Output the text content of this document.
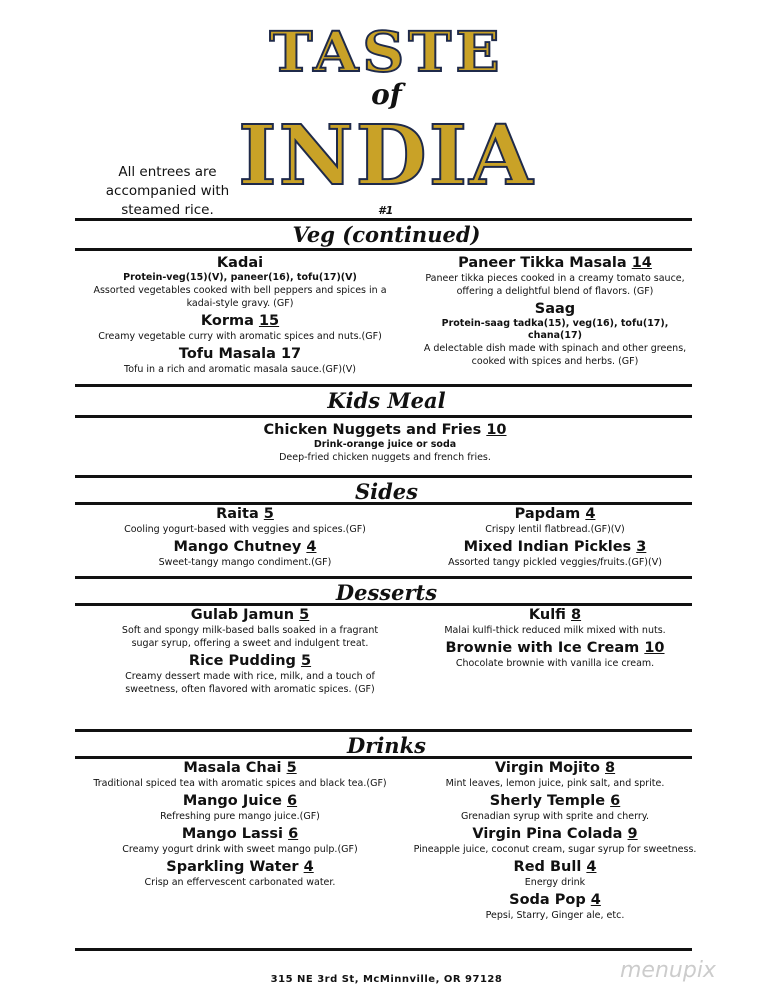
TASTE
of
INDIA
All entrees are accompanied with steamed rice.	#1
Veg (continued)
Kadai
Protein-veg(15)(V), paneer(16), tofu(17)(V)
Assorted vegetables cooked with bell peppers and spices in a kadai-style gravy. (GF)
Korma 15
Creamy vegetable curry with aromatic spices and nuts.(GF)
Tofu Masala 17
Tofu in a rich and aromatic masala sauce.(GF)(V)
Paneer Tikka Masala 14
Paneer tikka pieces cooked in a creamy tomato sauce, offering a delightful blend of flavors. (GF)
Saag
Protein-saag tadka(15), veg(16), tofu(17), chana(17)
A delectable dish made with spinach and other greens, cooked with spices and herbs. (GF)
Kids Meal
Chicken Nuggets and Fries 10
Drink-orange juice or soda
Deep-fried chicken nuggets and french fries.
Sides
Raita 5
Cooling yogurt-based with veggies and spices.(GF)
Mango Chutney 4
Sweet-tangy mango condiment.(GF)
Papdam 4
Crispy lentil flatbread.(GF)(V)
Mixed Indian Pickles 3
Assorted tangy pickled veggies/fruits.(GF)(V)
Desserts
Gulab Jamun 5
Soft and spongy milk-based balls soaked in a fragrant sugar syrup, offering a sweet and indulgent treat.
Rice Pudding 5
Creamy dessert made with rice, milk, and a touch of sweetness, often flavored with aromatic spices. (GF)
Kulfi 8
Malai kulfi-thick reduced milk mixed with nuts.
Brownie with Ice Cream 10
Chocolate brownie with vanilla ice cream.
Drinks
Masala Chai 5
Traditional spiced tea with aromatic spices and black tea.(GF)
Mango Juice 6
Refreshing pure mango juice.(GF)
Mango Lassi 6
Creamy yogurt drink with sweet mango pulp.(GF)
Sparkling Water 4
Crisp an effervescent carbonated water.
Virgin Mojito 8
Mint leaves, lemon juice, pink salt, and sprite.
Sherly Temple 6
Grenadian syrup with sprite and cherry.
Virgin Pina Colada 9
Pineapple juice, coconut cream, sugar syrup for sweetness.
Red Bull 4
Energy drink
Soda Pop 4
Pepsi, Starry, Ginger ale, etc.
315 NE 3rd St, McMinnville, OR 97128	menupix
